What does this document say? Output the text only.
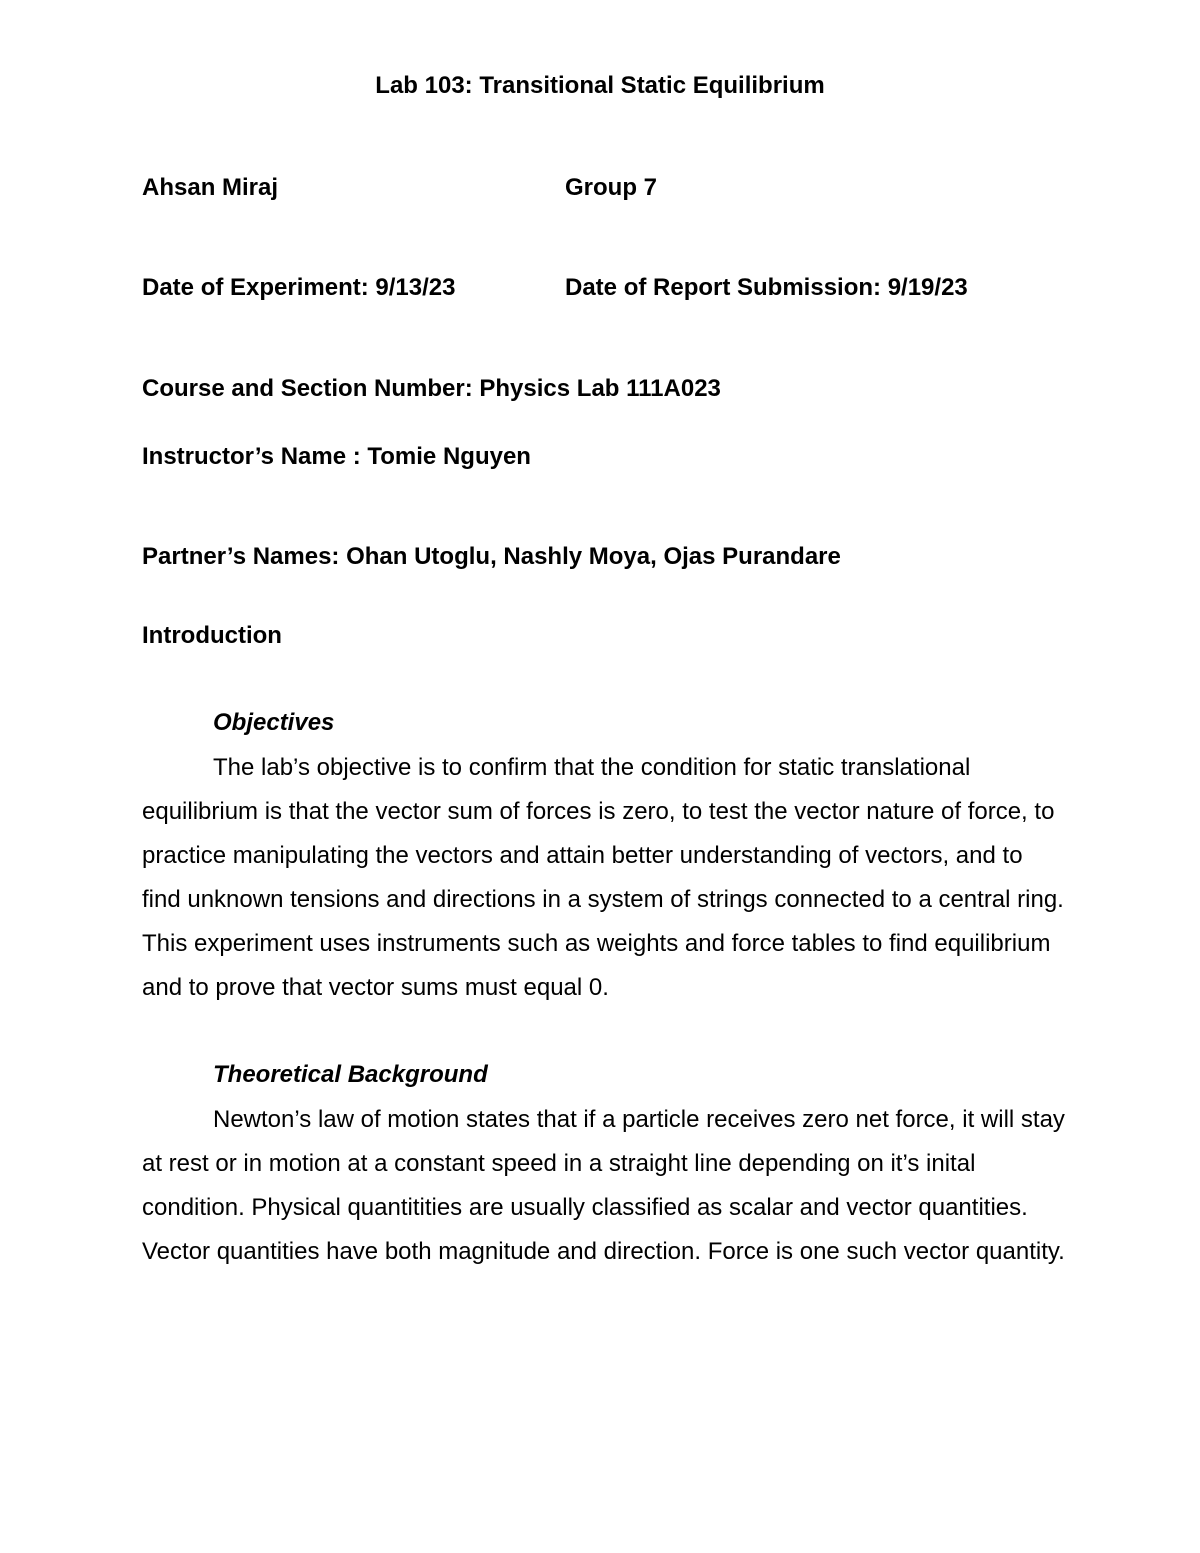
Lab 103: Transitional Static Equilibrium
Ahsan Miraj	Group 7
Date of Experiment: 9/13/23	Date of Report Submission: 9/19/23
Course and Section Number: Physics Lab 111A023
Instructor’s Name : Tomie Nguyen
Partner’s Names: Ohan Utoglu, Nashly Moya, Ojas Purandare
Introduction
Objectives

The lab’s objective is to confirm that the condition for static translational equilibrium is that the vector sum of forces is zero, to test the vector nature of force, to practice manipulating the vectors and attain better understanding of vectors, and to find unknown tensions and directions in a system of strings connected to a central ring. This experiment uses instruments such as weights and force tables to find equilibrium and to prove that vector sums must equal 0.

Theoretical Background

Newton’s law of motion states that if a particle receives zero net force, it will stay at rest or in motion at a constant speed in a straight line depending on it’s inital condition. Physical quantitities are usually classified as scalar and vector quantities. Vector quantities have both magnitude and direction. Force is one such vector quantity.
